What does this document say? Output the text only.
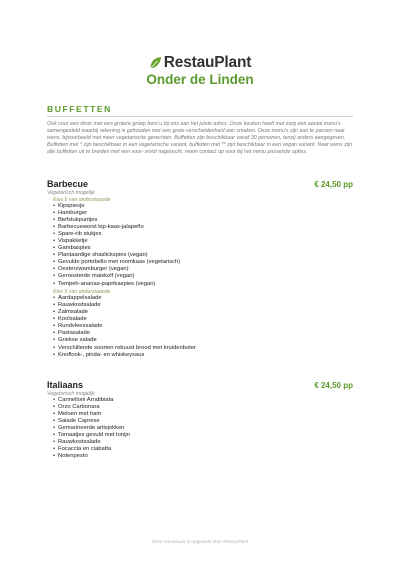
RestauPlant
Onder de Linden
BUFFETTEN
Ook voor een diner met een grotere groep bent u bij ons aan het juiste adres. Onze keuken heeft met zorg een aantal menu's samengesteld waarbij rekening is gehouden met een grote verscheidenheid aan smaken. Deze menu's zijn aan te passen naar wens, bijvoorbeeld met meer vegetarische gerechten. Buffetten zijn beschikbaar vanaf 30 personen, tenzij anders aangegeven. Buffetten met * zijn beschikbaar in een vegetarische variant, buffetten met ** zijn beschikbaar in een vegan variant. Naar wens zijn alle buffetten uit te breiden met een voor- en/of nagerecht, neem contact op voor bij het menu passende opties.
Barbecue	€ 24,50 pp
Vegetarisch mogelijk
Kies 5 van onderstaande
• Kipspiesje
• Hamburger
• Biefstukpuntjes
• Barbecueworst kip-kaas-jalapeño
• Spare-rib stukjes
• Vispakketje
• Gambaspies
• Plantaardige shaslickspies (vegan)
• Gevulde portobello met roomkaas (vegetarisch)
• Oesterzwamburger (vegan)
• Geroosterde maiskolf (vegan)
• Tempeh-ananas-paprikaspies (vegan)
Kies 5 van onderstaande
• Aardappelsalade
• Rauwkostsalade
• Zalmsalade
• Koolsalade
• Rundvleessalade
• Pastasalade
• Griekse salade
• Verschillende soorten robuust brood met kruidenboter
• Knoflook-, pinda- en whiskeysaus
Italiaans	€ 24,50 pp
Vegetarisch mogelijk
• Cannelloni Arrabbiata
• Orzo Carbonara
• Meloen met ham
• Salade Caprese
• Gemarineerde artisjokken
• Tomaatjes gevuld met tonijn
• Rauwkostsalade
• Focaccia en ciabatta
• Notenpesto
Deze menukaart is opgesteld door RestauPlant
